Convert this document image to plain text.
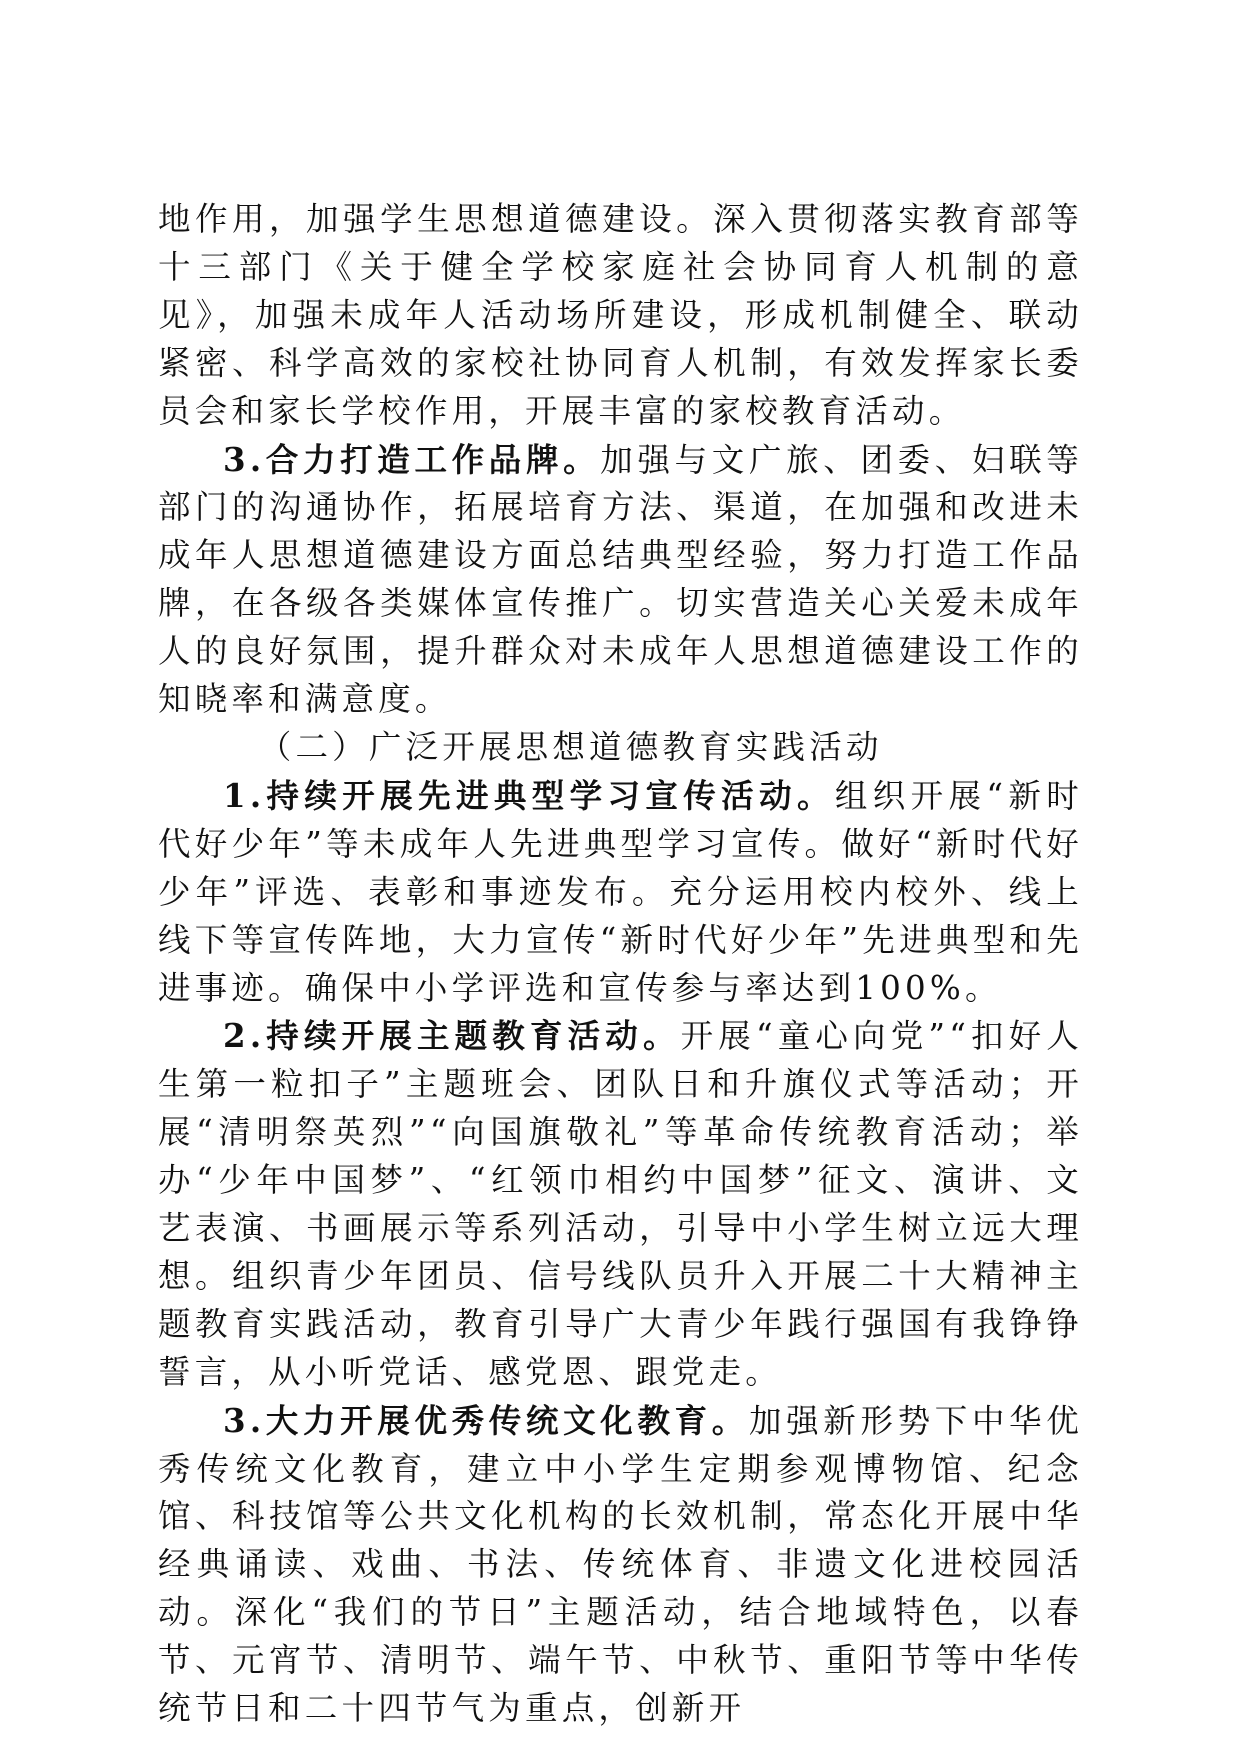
地作用，加强学生思想道德建设。深入贯彻落实教育部等十三部门《关于健全学校家庭社会协同育人机制的意见》，加强未成年人活动场所建设，形成机制健全、联动紧密、科学高效的家校社协同育人机制，有效发挥家长委员会和家长学校作用，开展丰富的家校教育活动。

3.合力打造工作品牌。加强与文广旅、团委、妇联等部门的沟通协作，拓展培育方法、渠道，在加强和改进未成年人思想道德建设方面总结典型经验，努力打造工作品牌，在各级各类媒体宣传推广。切实营造关心关爱未成年人的良好氛围，提升群众对未成年人思想道德建设工作的知晓率和满意度。

（二）广泛开展思想道德教育实践活动

1.持续开展先进典型学习宣传活动。组织开展“新时代好少年”等未成年人先进典型学习宣传。做好“新时代好少年”评选、表彰和事迹发布。充分运用校内校外、线上线下等宣传阵地，大力宣传“新时代好少年”先进典型和先进事迹。确保中小学评选和宣传参与率达到100%。

2.持续开展主题教育活动。开展“童心向党”“扣好人生第一粒扣子”主题班会、团队日和升旗仪式等活动；开展“清明祭英烈”“向国旗敬礼”等革命传统教育活动；举办“少年中国梦”、“红领巾相约中国梦”征文、演讲、文艺表演、书画展示等系列活动，引导中小学生树立远大理想。组织青少年团员、信号线队员升入开展二十大精神主题教育实践活动，教育引导广大青少年践行强国有我铮铮誓言，从小听党话、感党恩、跟党走。

3.大力开展优秀传统文化教育。加强新形势下中华优秀传统文化教育，建立中小学生定期参观博物馆、纪念馆、科技馆等公共文化机构的长效机制，常态化开展中华经典诵读、戏曲、书法、传统体育、非遗文化进校园活动。深化“我们的节日”主题活动，结合地域特色，以春节、元宵节、清明节、端午节、中秋节、重阳节等中华传统节日和二十四节气为重点，创新开
